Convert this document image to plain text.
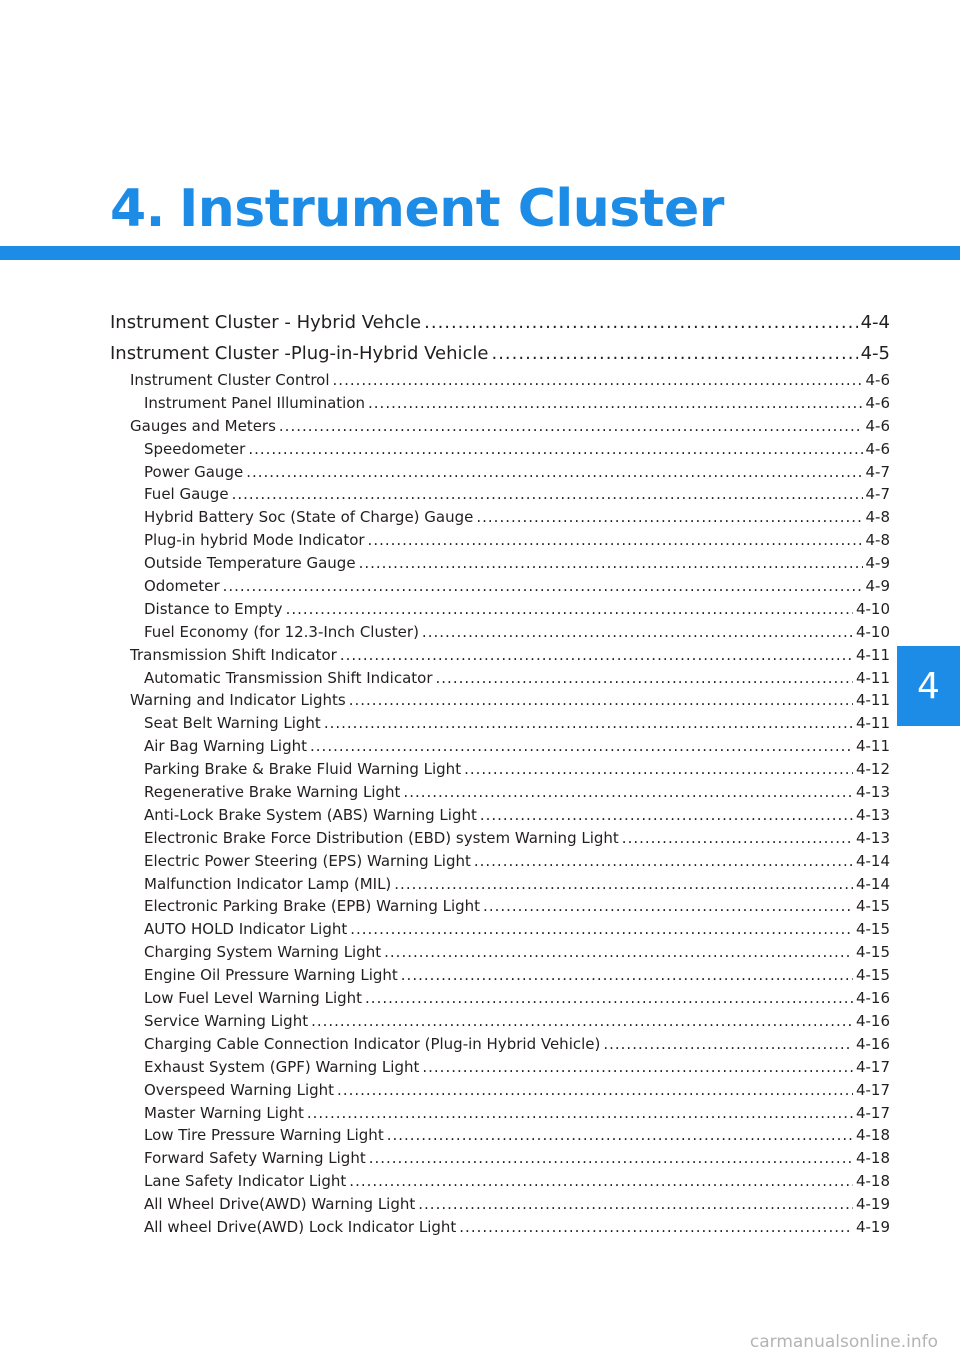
4. Instrument Cluster
Instrument Cluster - Hybrid Vehcle .....	4-4
Instrument Cluster -Plug-in-Hybrid Vehicle .....	4-5
Instrument Cluster Control .....	4-6
Instrument Panel Illumination .....	4-6
Gauges and Meters .....	4-6
Speedometer .....	4-6
Power Gauge .....	4-7
Fuel Gauge .....	4-7
Hybrid Battery Soc (State of Charge) Gauge .....	4-8
Plug-in hybrid Mode Indicator .....	4-8
Outside Temperature Gauge .....	4-9
Odometer .....	4-9
Distance to Empty .....	4-10
Fuel Economy (for 12.3-Inch Cluster) .....	4-10
Transmission Shift Indicator .....	4-11
Automatic Transmission Shift Indicator .....	4-11
Warning and Indicator Lights .....	4-11
Seat Belt Warning Light .....	4-11
Air Bag Warning Light .....	4-11
Parking Brake & Brake Fluid Warning Light .....	4-12
Regenerative Brake Warning Light .....	4-13
Anti-Lock Brake System (ABS) Warning Light .....	4-13
Electronic Brake Force Distribution (EBD) system Warning Light .....	4-13
Electric Power Steering (EPS) Warning Light .....	4-14
Malfunction Indicator Lamp (MIL) .....	4-14
Electronic Parking Brake (EPB) Warning Light .....	4-15
AUTO HOLD Indicator Light .....	4-15
Charging System Warning Light .....	4-15
Engine Oil Pressure Warning Light .....	4-15
Low Fuel Level Warning Light .....	4-16
Service Warning Light .....	4-16
Charging Cable Connection Indicator (Plug-in Hybrid Vehicle) .....	4-16
Exhaust System (GPF) Warning Light .....	4-17
Overspeed Warning Light .....	4-17
Master Warning Light .....	4-17
Low Tire Pressure Warning Light .....	4-18
Forward Safety Warning Light .....	4-18
Lane Safety Indicator Light .....	4-18
All Wheel Drive(AWD) Warning Light .....	4-19
All wheel Drive(AWD) Lock Indicator Light .....	4-19
4
carmanualsonline.info
